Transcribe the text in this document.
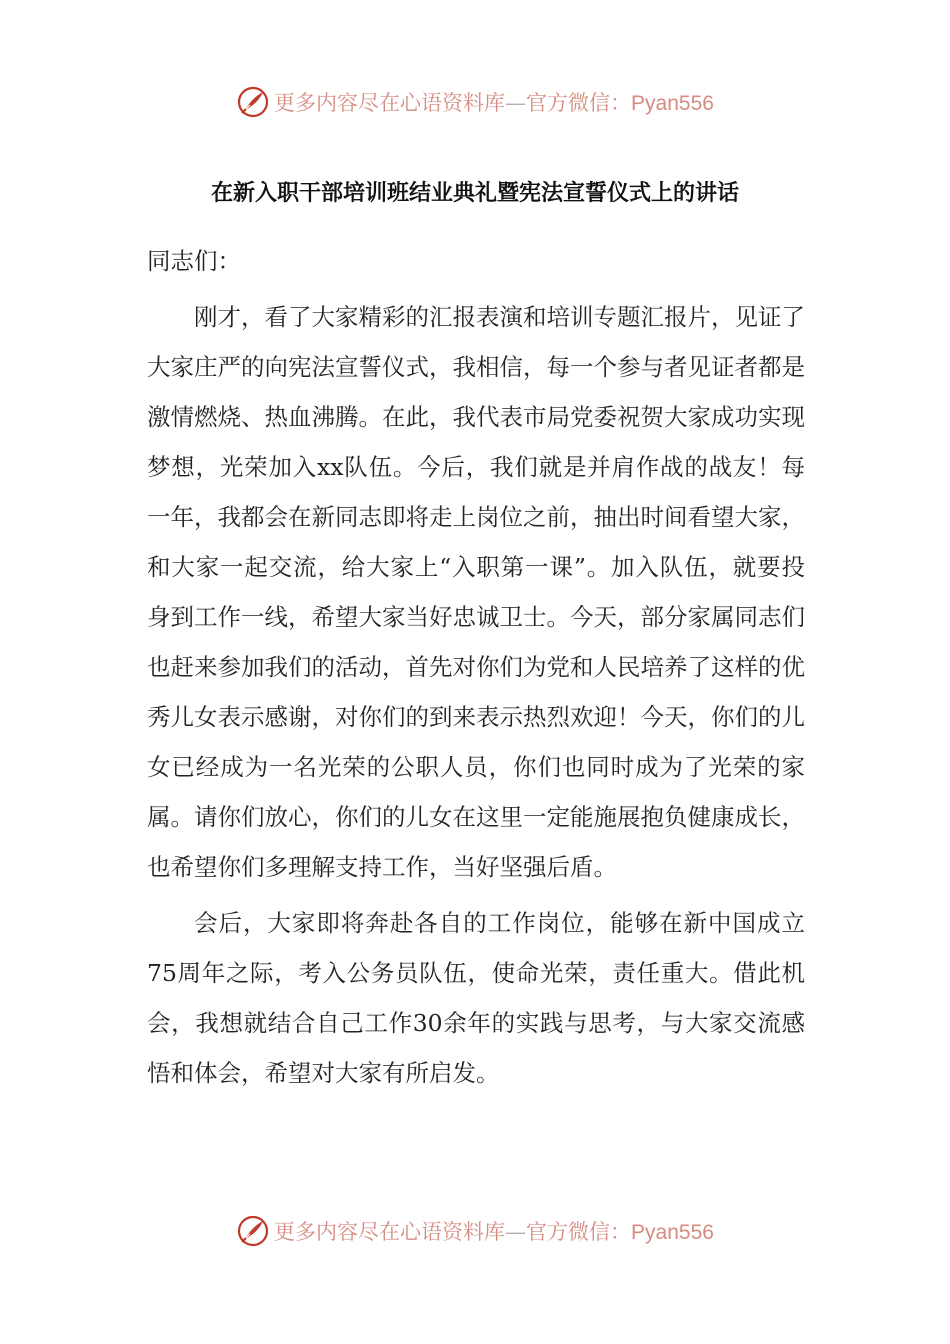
更多内容尽在心语资料库—官方微信：Pyan556
在新入职干部培训班结业典礼暨宪法宣誓仪式上的讲话

同志们：

刚才，看了大家精彩的汇报表演和培训专题汇报片，见证了大家庄严的向宪法宣誓仪式，我相信，每一个参与者见证者都是激情燃烧、热血沸腾。在此，我代表市局党委祝贺大家成功实现梦想，光荣加入xx队伍。今后，我们就是并肩作战的战友！每一年，我都会在新同志即将走上岗位之前，抽出时间看望大家，和大家一起交流，给大家上“入职第一课”。加入队伍，就要投身到工作一线，希望大家当好忠诚卫士。今天，部分家属同志们也赶来参加我们的活动，首先对你们为党和人民培养了这样的优秀儿女表示感谢，对你们的到来表示热烈欢迎！今天，你们的儿女已经成为一名光荣的公职人员，你们也同时成为了光荣的家属。请你们放心，你们的儿女在这里一定能施展抱负健康成长，也希望你们多理解支持工作，当好坚强后盾。

会后，大家即将奔赴各自的工作岗位，能够在新中国成立75周年之际，考入公务员队伍，使命光荣，责任重大。借此机会，我想就结合自己工作30余年的实践与思考，与大家交流感悟和体会，希望对大家有所启发。

更多内容尽在心语资料库—官方微信：Pyan556
